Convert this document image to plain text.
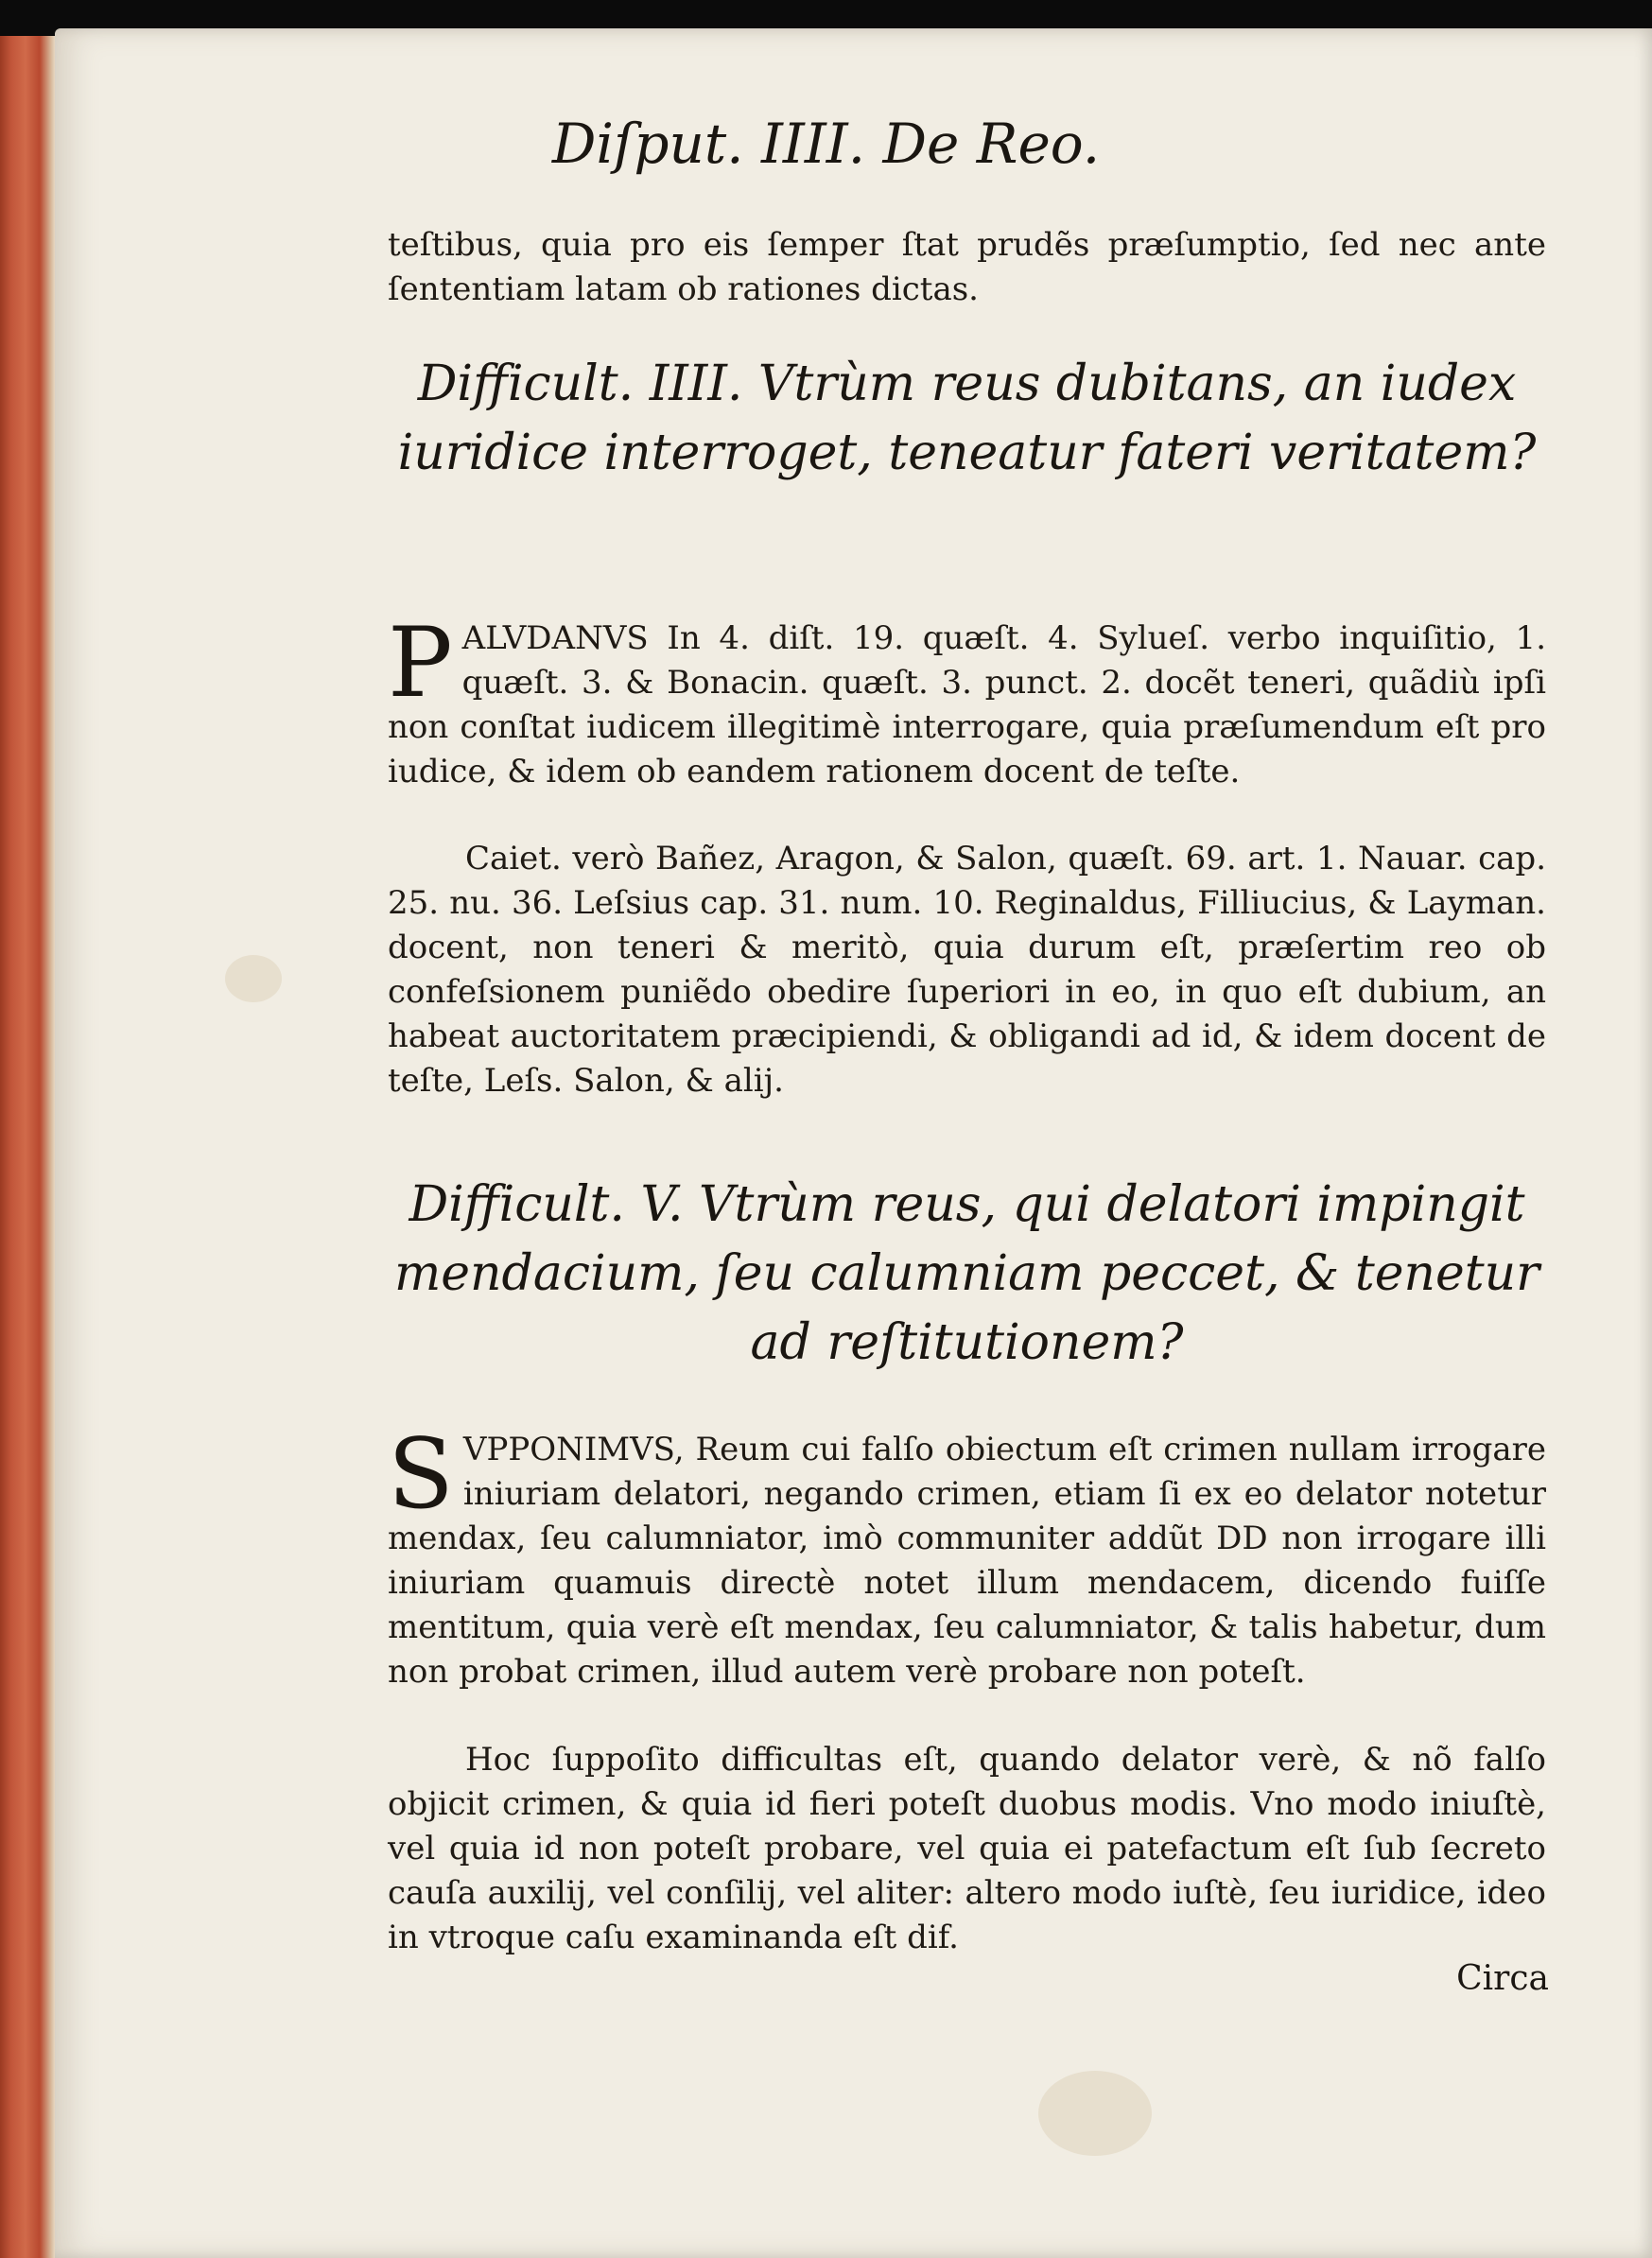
Diſput. IIII. De Reo.
teſtibus, quia pro eis ſemper ſtat prudẽs præſumptio, ſed nec ante ſententiam latam ob rationes dictas.
Difficult. IIII. Vtrùm reus dubitans, an iudex iuridice interroget, teneatur fateri veritatem?
P ALVDANVS In 4. diſt. 19. quæſt. 4. Sylueſ. verbo inquiſitio, 1. quæſt. 3. & Bonacin. quæſt. 3. punct. 2. docẽt teneri, quãdiù ipſi non conſtat iudicem illegitimè interrogare, quia præſumendum eſt pro iudice, & idem ob eandem rationem docent de teſte.
Caiet. verò Bañez, Aragon, & Salon, quæſt. 69. art. 1. Nauar. cap. 25. nu. 36. Leſsius cap. 31. num. 10. Reginaldus, Filliucius, & Layman. docent, non teneri & meritò, quia durum eſt, præſertim reo ob confeſsionem puniẽdo obedire ſuperiori in eo, in quo eſt dubium, an habeat auctoritatem præcipiendi, & obligandi ad id, & idem docent de teſte, Leſs. Salon, & alij.
Difficult. V. Vtrùm reus, qui delatori impingit mendacium, ſeu calumniam peccet, & tenetur ad reſtitutionem?
S VPPONIMVS, Reum cui falſo obiectum eſt crimen nullam irrogare iniuriam delatori, negando crimen, etiam ſi ex eo delator notetur mendax, ſeu calumniator, imò communiter addũt DD non irrogare illi iniuriam quamuis directè notet illum mendacem, dicendo fuiſſe mentitum, quia verè eſt mendax, ſeu calumniator, & talis habetur, dum non probat crimen, illud autem verè probare non poteſt.
Hoc ſuppoſito difficultas eſt, quando delator verè, & nõ falſo objicit crimen, & quia id fieri poteſt duobus modis. Vno modo iniuſtè, vel quia id non poteſt probare, vel quia ei patefactum eſt ſub ſecreto cauſa auxilij, vel conſilij, vel aliter: altero modo iuſtè, ſeu iuridice, ideo in vtroque caſu examinanda eſt dif.
Circa
